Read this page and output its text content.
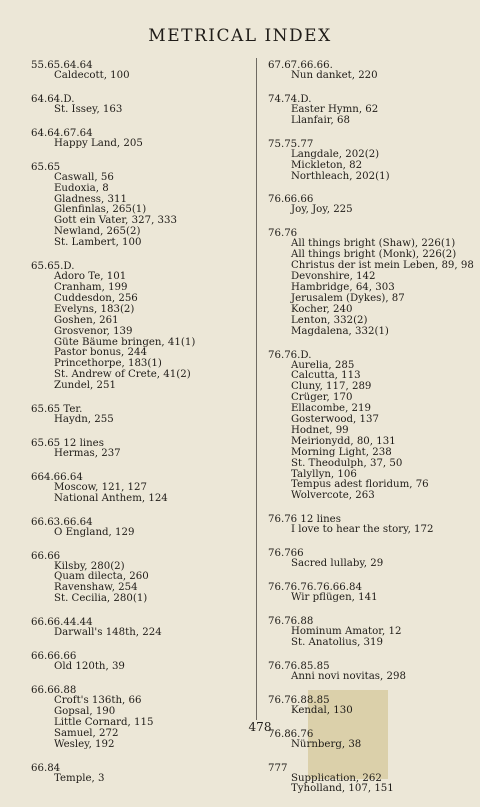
METRICAL INDEX
55.65.64.64
Caldecott, 100
64.64.D.
St. Issey, 163
64.64.67.64
Happy Land, 205
65.65
Caswall, 56
Eudoxia, 8
Gladness, 311
Glenfinlas, 265(1)
Gott ein Vater, 327, 333
Newland, 265(2)
St. Lambert, 100
65.65.D.
Adoro Te, 101
Cranham, 199
Cuddesdon, 256
Evelyns, 183(2)
Goshen, 261
Grosvenor, 139
Güte Bäume bringen, 41(1)
Pastor bonus, 244
Princethorpe, 183(1)
St. Andrew of Crete, 41(2)
Zundel, 251
65.65 Ter.
Haydn, 255
65.65 12 lines
Hermas, 237
664.66.64
Moscow, 121, 127
National Anthem, 124
66.63.66.64
O England, 129
66.66
Kilsby, 280(2)
Quam dilecta, 260
Ravenshaw, 254
St. Cecilia, 280(1)
66.66.44.44
Darwall's 148th, 224
66.66.66
Old 120th, 39
66.66.88
Croft's 136th, 66
Gopsal, 190
Little Cornard, 115
Samuel, 272
Wesley, 192
66.84
Temple, 3
67.67.66.66.
Nun danket, 220
74.74.D.
Easter Hymn, 62
Llanfair, 68
75.75.77
Langdale, 202(2)
Mickleton, 82
Northleach, 202(1)
76.66.66
Joy, Joy, 225
76.76
All things bright (Shaw), 226(1)
All things bright (Monk), 226(2)
Christus der ist mein Leben, 89, 98
Devonshire, 142
Hambridge, 64, 303
Jerusalem (Dykes), 87
Kocher, 240
Lenton, 332(2)
Magdalena, 332(1)
76.76.D.
Aurelia, 285
Calcutta, 113
Cluny, 117, 289
Crüger, 170
Ellacombe, 219
Gosterwood, 137
Hodnet, 99
Meirionydd, 80, 131
Morning Light, 238
St. Theodulph, 37, 50
Talyllyn, 106
Tempus adest floridum, 76
Wolvercote, 263
76.76 12 lines
I love to hear the story, 172
76.766
Sacred lullaby, 29
76.76.76.76.66.84
Wir pflügen, 141
76.76.88
Hominum Amator, 12
St. Anatolius, 319
76.76.85.85
Anni novi novitas, 298
76.76.88.85
Kendal, 130
76.86.76
Nürnberg, 38
777
Supplication, 262
Tyholland, 107, 151
478
